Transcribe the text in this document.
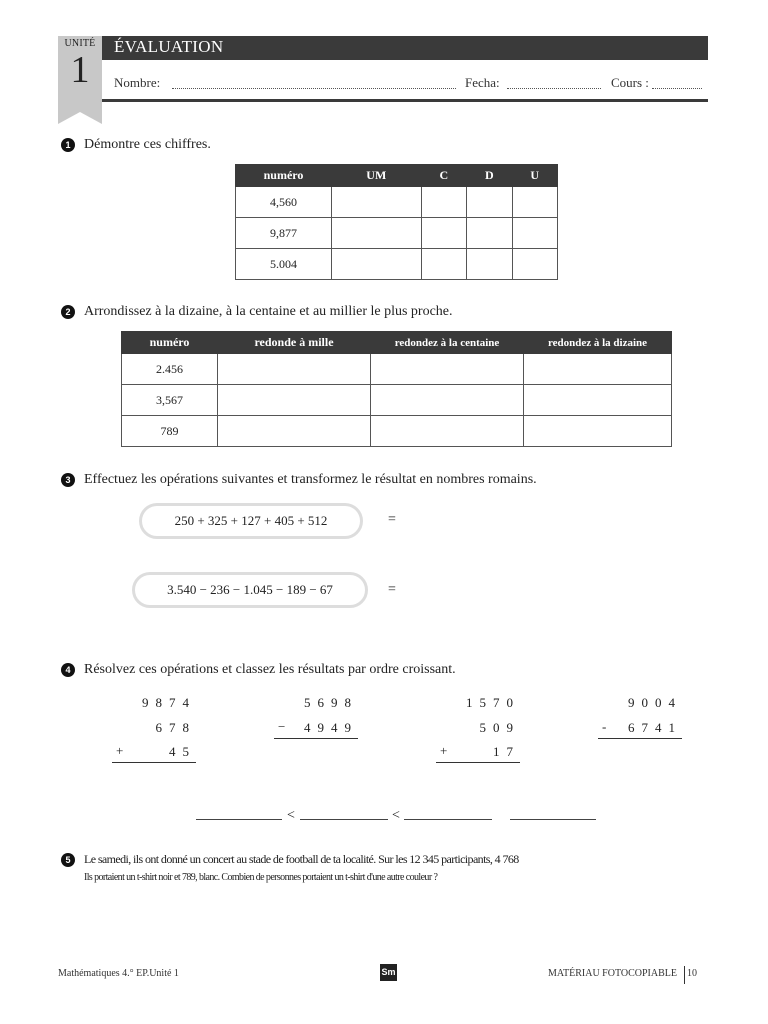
UNITÉ
1
ÉVALUATION
Nombre:	Fecha:	Cours :
1 Démontre ces chiffres.
numéro	UM	C	D	U
4,560				
9,877				
5.004				
2 Arrondissez à la dizaine, à la centaine et au millier le plus proche.
numéro	redonde à mille	redondez à la centaine	redondez à la dizaine
2.456			
3,567			
789			
3 Effectuez les opérations suivantes et transformez le résultat en nombres romains.
250 + 325 + 127 + 405 + 512	=
3.540 − 236 − 1.045 − 189 − 67	=
4 Résolvez ces opérations et classez les résultats par ordre croissant.
9874
678
45
+
5698
4949
−
1570
509
17
+
9004
6741
-
<	<
5	Le samedi, ils ont donné un concert au stade de football de ta localité. Sur les 12 345 participants, 4 768
Ils portaient un t-shirt noir et 789, blanc. Combien de personnes portaient un t-shirt d'une autre couleur ?
Mathématiques 4.° EP.Unité 1	Sm	MATÉRIAU FOTOCOPIABLE 10
